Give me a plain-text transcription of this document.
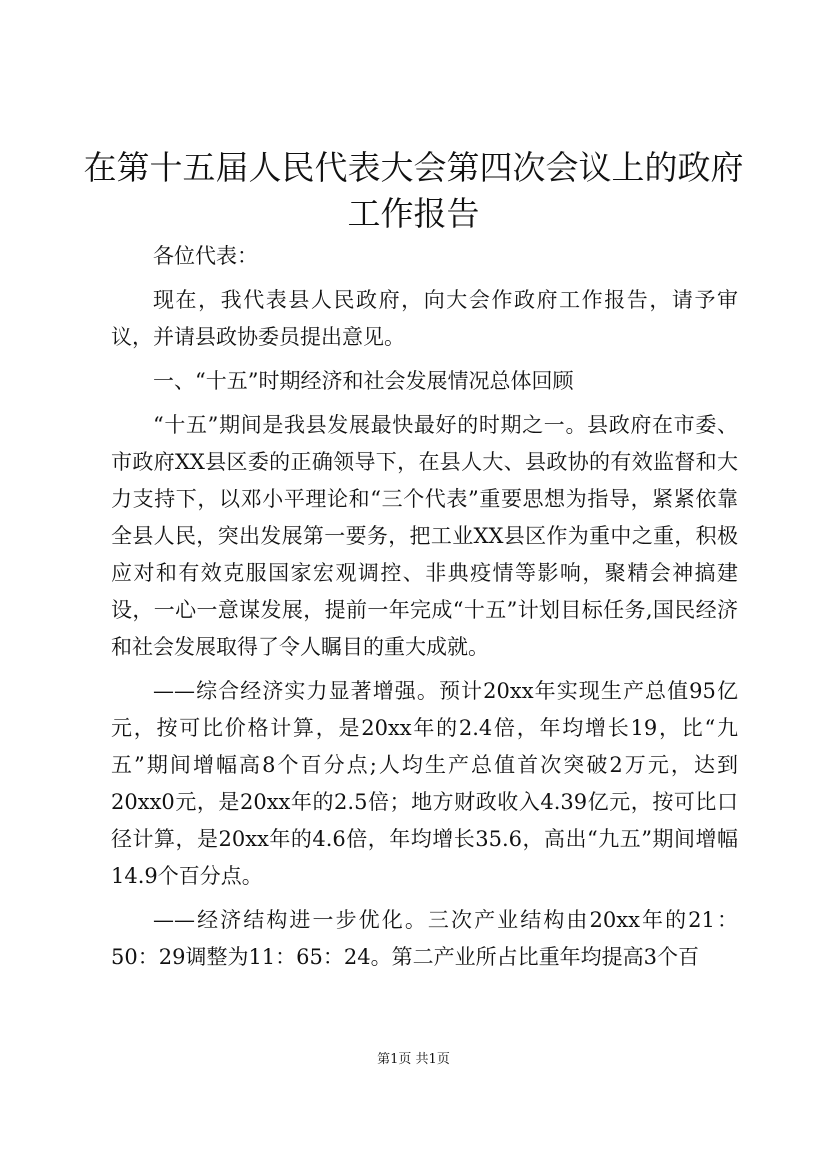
在第十五届人民代表大会第四次会议上的政府
工作报告

各位代表：

现在，我代表县人民政府，向大会作政府工作报告，请予审议，并请县政协委员提出意见。

一、“十五”时期经济和社会发展情况总体回顾

“十五”期间是我县发展最快最好的时期之一。县政府在市委、市政府XX县区委的正确领导下，在县人大、县政协的有效监督和大力支持下，以邓小平理论和“三个代表”重要思想为指导，紧紧依靠全县人民，突出发展第一要务，把工业XX县区作为重中之重，积极应对和有效克服国家宏观调控、非典疫情等影响，聚精会神搞建设，一心一意谋发展，提前一年完成“十五”计划目标任务,国民经济和社会发展取得了令人瞩目的重大成就。

——综合经济实力显著增强。预计20xx年实现生产总值95亿元，按可比价格计算，是20xx年的2.4倍，年均增长19，比“九五”期间增幅高8个百分点;人均生产总值首次突破2万元，达到20xx0元，是20xx年的2.5倍；地方财政收入4.39亿元，按可比口径计算，是20xx年的4.6倍，年均增长35.6，高出“九五”期间增幅14.9个百分点。

——经济结构进一步优化。三次产业结构由20xx年的21：50：29调整为11：65：24。第二产业所占比重年均提高3个百

第1页 共1页
